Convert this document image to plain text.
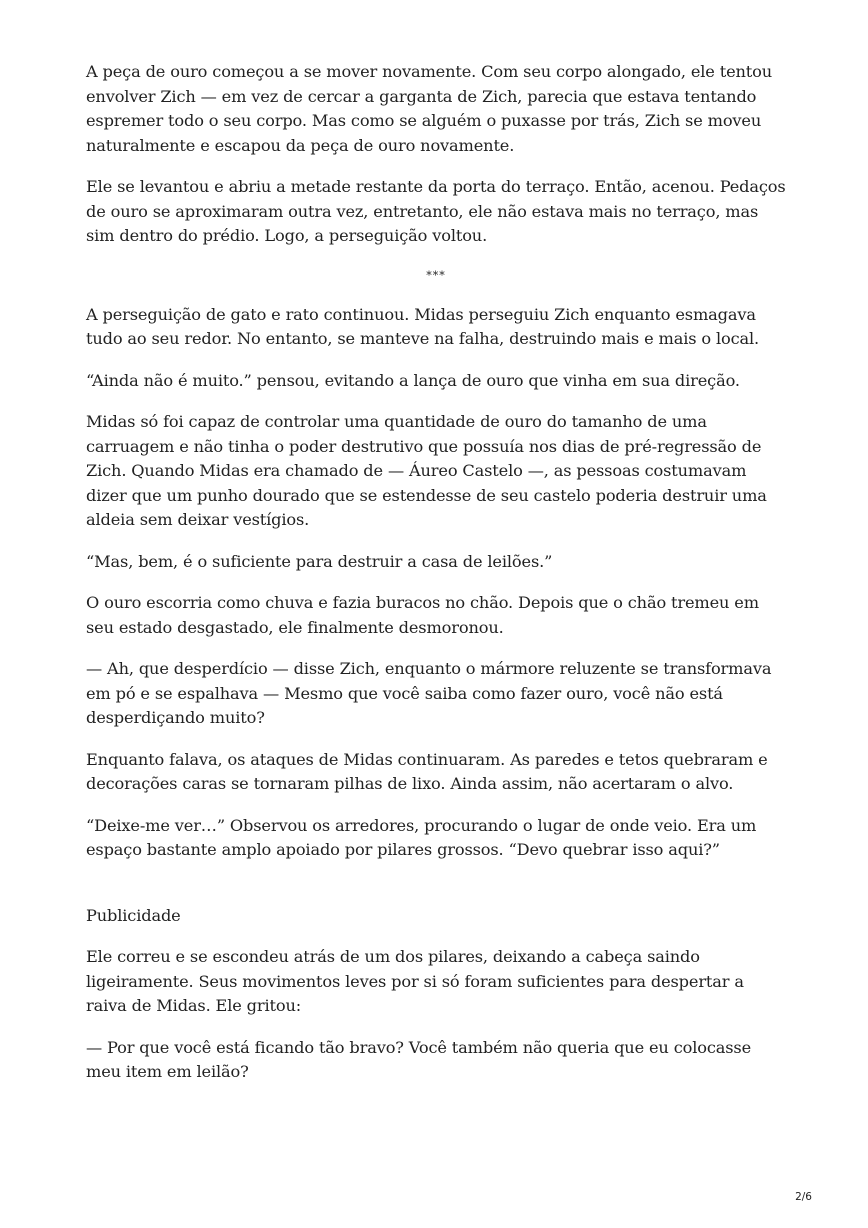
A peça de ouro começou a se mover novamente. Com seu corpo alongado, ele tentou envolver Zich — em vez de cercar a garganta de Zich, parecia que estava tentando espremer todo o seu corpo. Mas como se alguém o puxasse por trás, Zich se moveu naturalmente e escapou da peça de ouro novamente.

Ele se levantou e abriu a metade restante da porta do terraço. Então, acenou. Pedaços de ouro se aproximaram outra vez, entretanto, ele não estava mais no terraço, mas sim dentro do prédio. Logo, a perseguição voltou.

***

A perseguição de gato e rato continuou. Midas perseguiu Zich enquanto esmagava tudo ao seu redor. No entanto, se manteve na falha, destruindo mais e mais o local.

“Ainda não é muito.” pensou, evitando a lança de ouro que vinha em sua direção.

Midas só foi capaz de controlar uma quantidade de ouro do tamanho de uma carruagem e não tinha o poder destrutivo que possuía nos dias de pré-regressão de Zich. Quando Midas era chamado de — Áureo Castelo —, as pessoas costumavam dizer que um punho dourado que se estendesse de seu castelo poderia destruir uma aldeia sem deixar vestígios.

“Mas, bem, é o suficiente para destruir a casa de leilões.”

O ouro escorria como chuva e fazia buracos no chão. Depois que o chão tremeu em seu estado desgastado, ele finalmente desmoronou.

— Ah, que desperdício — disse Zich, enquanto o mármore reluzente se transformava em pó e se espalhava — Mesmo que você saiba como fazer ouro, você não está desperdiçando muito?

Enquanto falava, os ataques de Midas continuaram. As paredes e tetos quebraram e decorações caras se tornaram pilhas de lixo. Ainda assim, não acertaram o alvo.

“Deixe-me ver…” Observou os arredores, procurando o lugar de onde veio. Era um espaço bastante amplo apoiado por pilares grossos. “Devo quebrar isso aqui?”

Publicidade

Ele correu e se escondeu atrás de um dos pilares, deixando a cabeça saindo ligeiramente. Seus movimentos leves por si só foram suficientes para despertar a raiva de Midas. Ele gritou:

— Por que você está ficando tão bravo? Você também não queria que eu colocasse meu item em leilão?

2/6
